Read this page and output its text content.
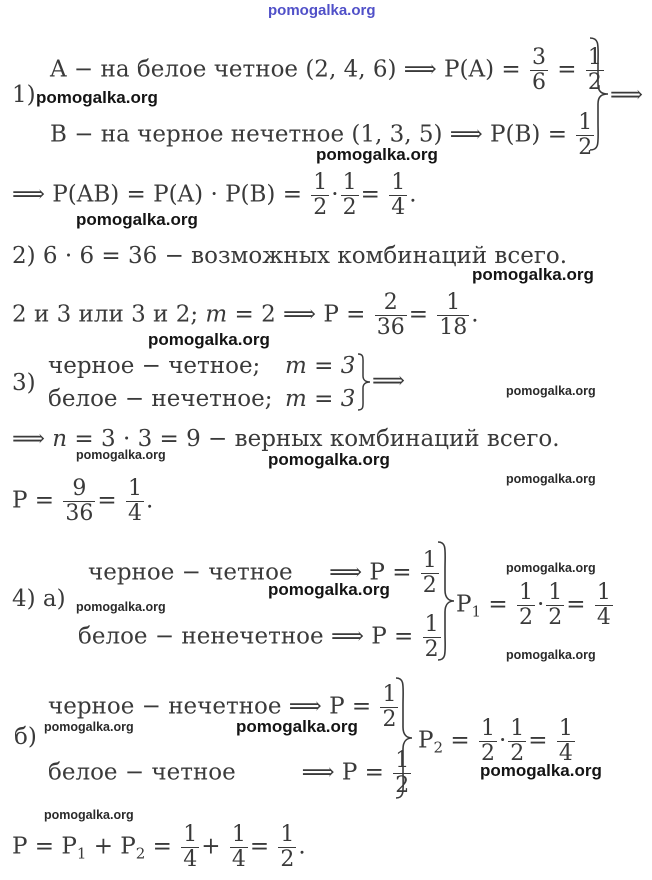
pomogalka.org
A − на белое четное (2, 4, 6) ⟹ $P(A) = \frac{3}{6} = \frac{1}{2}$
1)
B − на черное нечетное (1, 3, 5) ⟹ $P(B) = \frac{1}{2}$
⟹
⟹ $P(AB) = P(A) \cdot P(B) = \frac{1}{2} \cdot \frac{1}{2} = \frac{1}{4}$ .
2) 6 · 6 = 36 − возможных комбинаций всего.
2 и 3 или 3 и 2; m = 2 ⟹ $P = \frac{2}{36} = \frac{1}{18}$ .
3)
черное − четное;
белое − нечетное;
m = 3
m = 3
⟹
⟹ n = 3 · 3 = 9 − верных комбинаций всего.
$P = \frac{9}{36} = \frac{1}{4}$ .
4) а)
черное − четное ⟹ $P = \frac{1}{2}$
белое − ненечетное ⟹ $P = \frac{1}{2}$
$P_1 = \frac{1}{2} \cdot \frac{1}{2} = \frac{1}{4}$
б)
черное − нечетное ⟹ $P = \frac{1}{2}$
белое − четное	⟹ $P = \frac{1}{2}$
$P_2 = \frac{1}{2} \cdot \frac{1}{2} = \frac{1}{4}$
$P = P_1 + P_2 = \frac{1}{4} + \frac{1}{4} = \frac{1}{2}$ .
pomogalka.org
pomogalka.org
pomogalka.org
pomogalka.org
pomogalka.org
pomogalka.org
pomogalka.org	pomogalka.org
pomogalka.org
pomogalka.org
pomogalka.org
pomogalka.org
pomogalka.org
pomogalka.org
pomogalka.org
pomogalka.org
pomogalka.org
